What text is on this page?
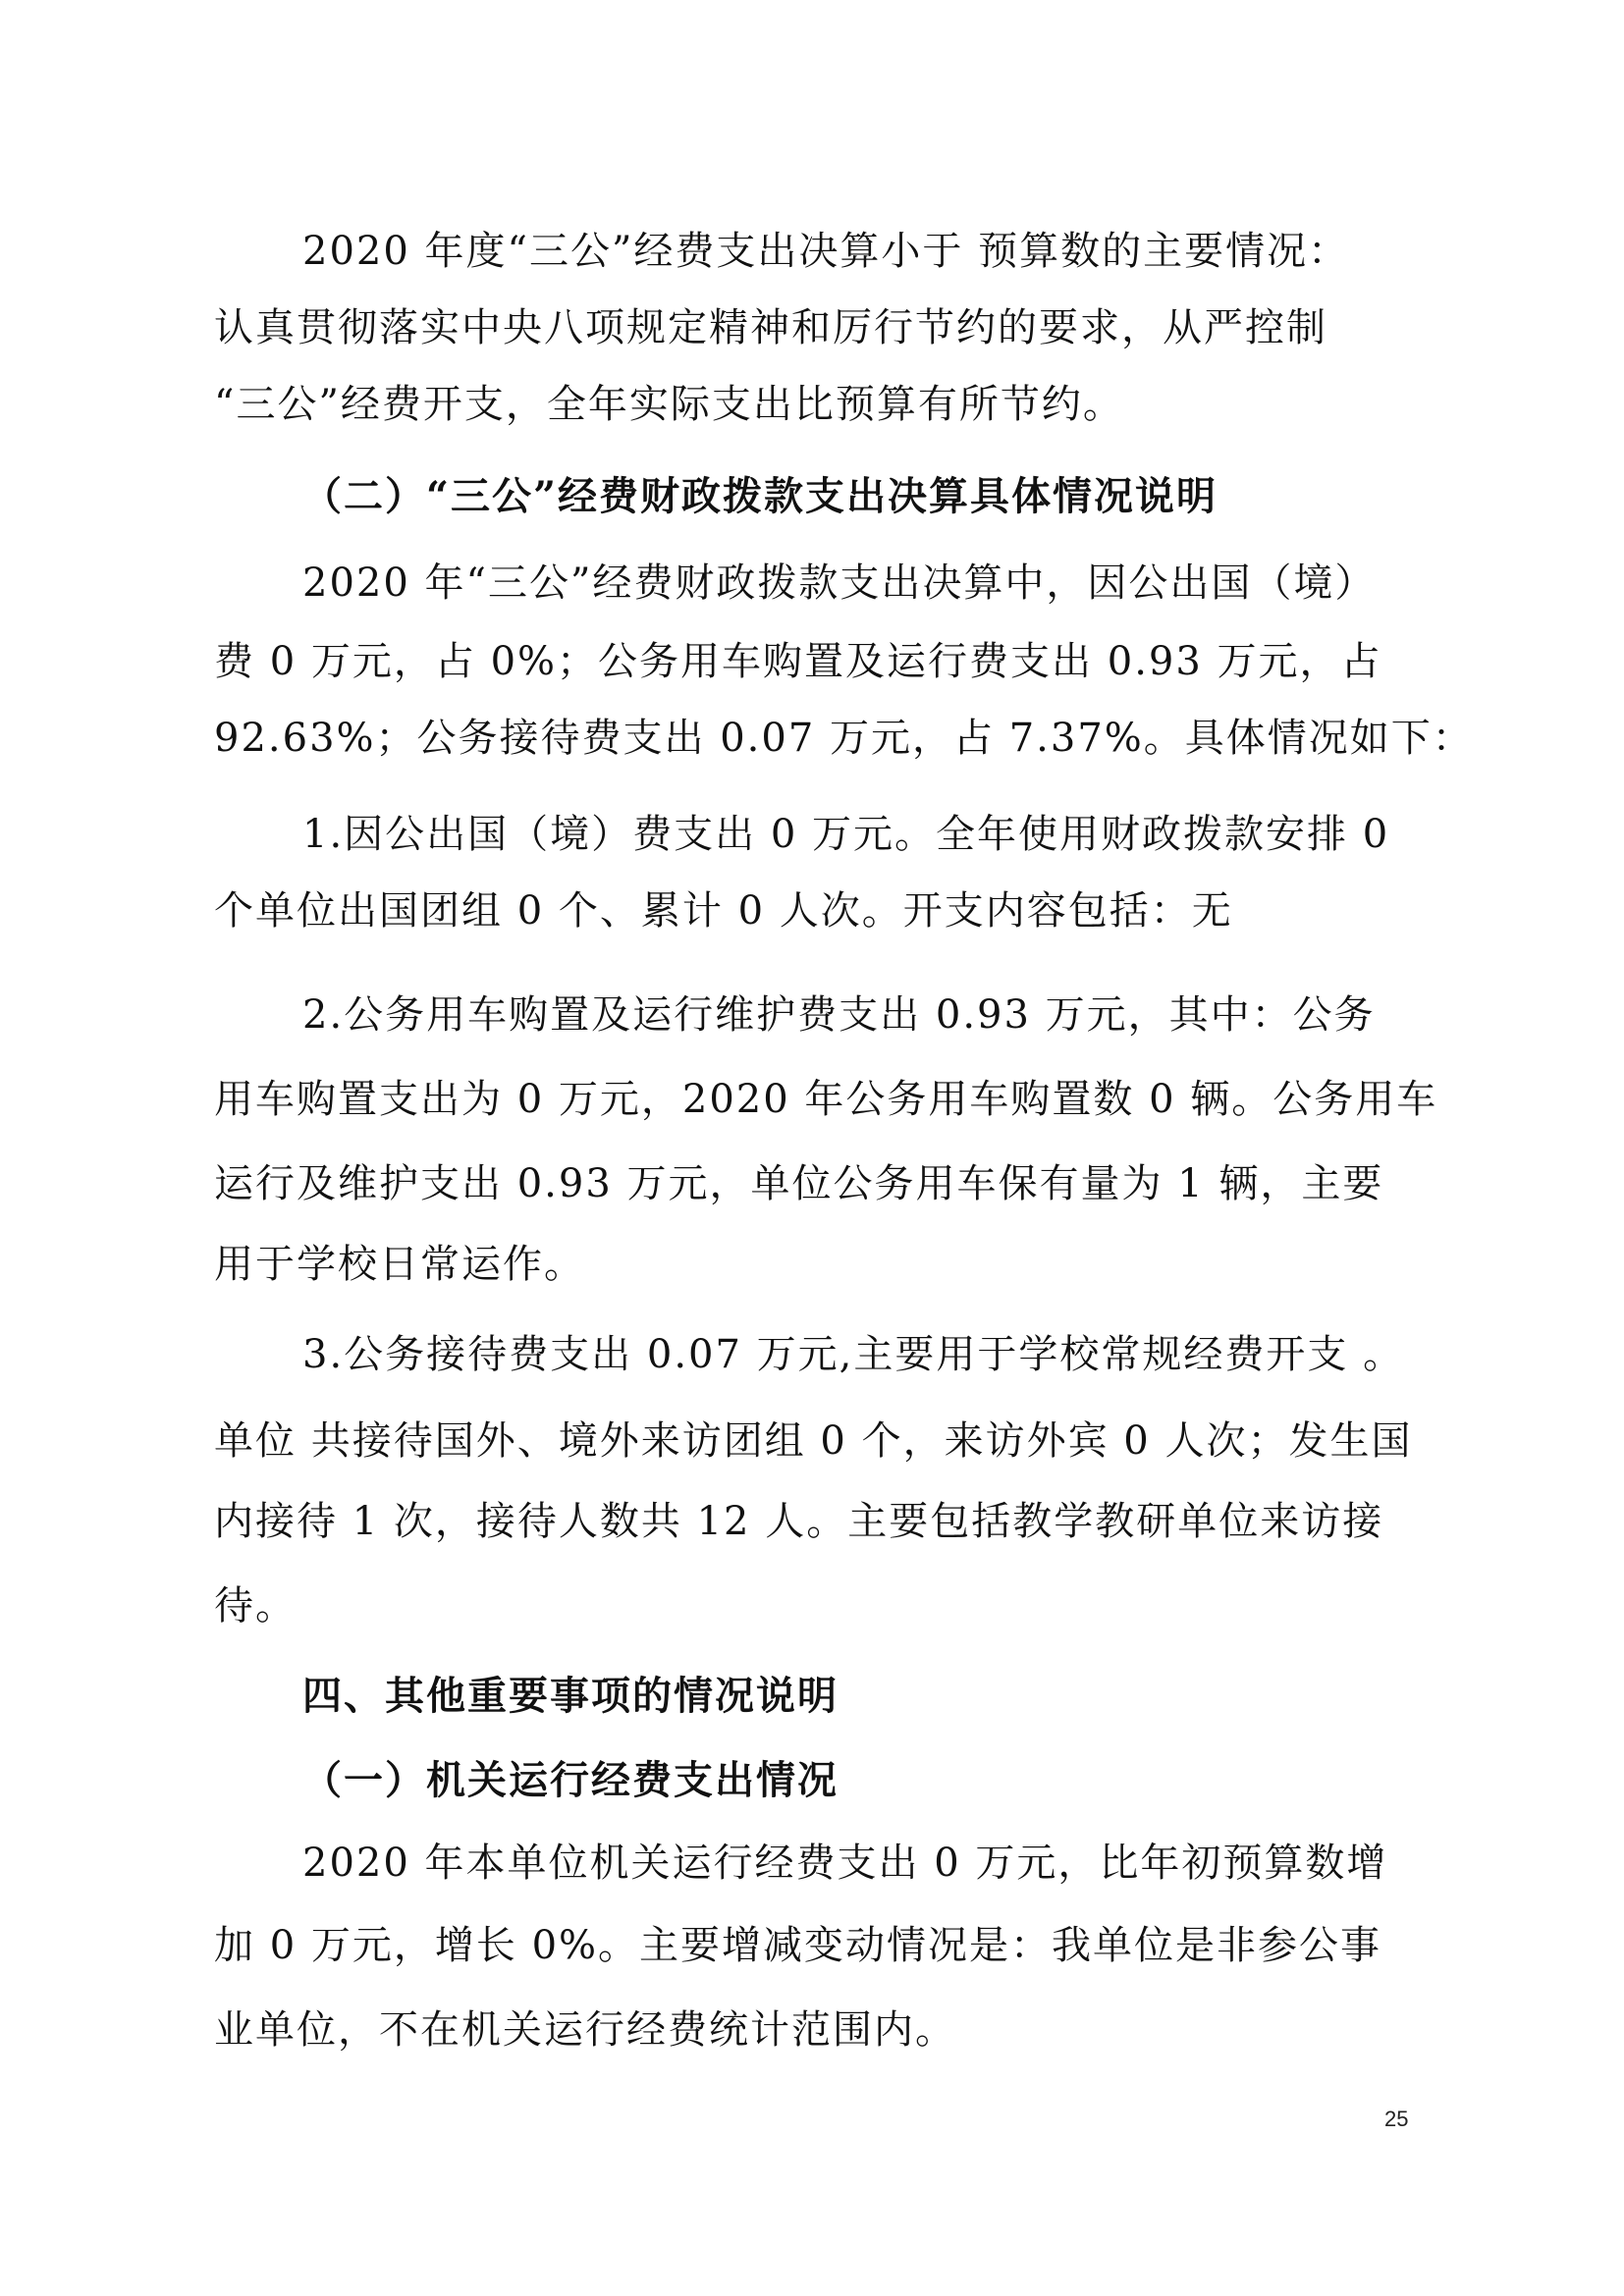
2020 年度“三公”经费支出决算小于 预算数的主要情况：
认真贯彻落实中央八项规定精神和厉行节约的要求，从严控制
“三公”经费开支，全年实际支出比预算有所节约。
（二）“三公”经费财政拨款支出决算具体情况说明
2020 年“三公”经费财政拨款支出决算中，因公出国（境）
费 0 万元，占 0%；公务用车购置及运行费支出 0.93 万元，占
92.63%；公务接待费支出 0.07 万元，占 7.37%。具体情况如下：
1.因公出国（境）费支出 0 万元。全年使用财政拨款安排 0
个单位出国团组 0 个、累计 0 人次。开支内容包括：无
2.公务用车购置及运行维护费支出 0.93 万元，其中：公务
用车购置支出为 0 万元，2020 年公务用车购置数 0 辆。公务用车
运行及维护支出 0.93 万元，单位公务用车保有量为 1 辆，主要
用于学校日常运作。
3.公务接待费支出 0.07 万元,主要用于学校常规经费开支 。
单位 共接待国外、境外来访团组 0 个，来访外宾 0 人次；发生国
内接待 1 次，接待人数共 12 人。主要包括教学教研单位来访接
待。
四、其他重要事项的情况说明
（一）机关运行经费支出情况
2020 年本单位机关运行经费支出 0 万元，比年初预算数增
加 0 万元，增长 0%。主要增减变动情况是：我单位是非参公事
业单位，不在机关运行经费统计范围内。
25
